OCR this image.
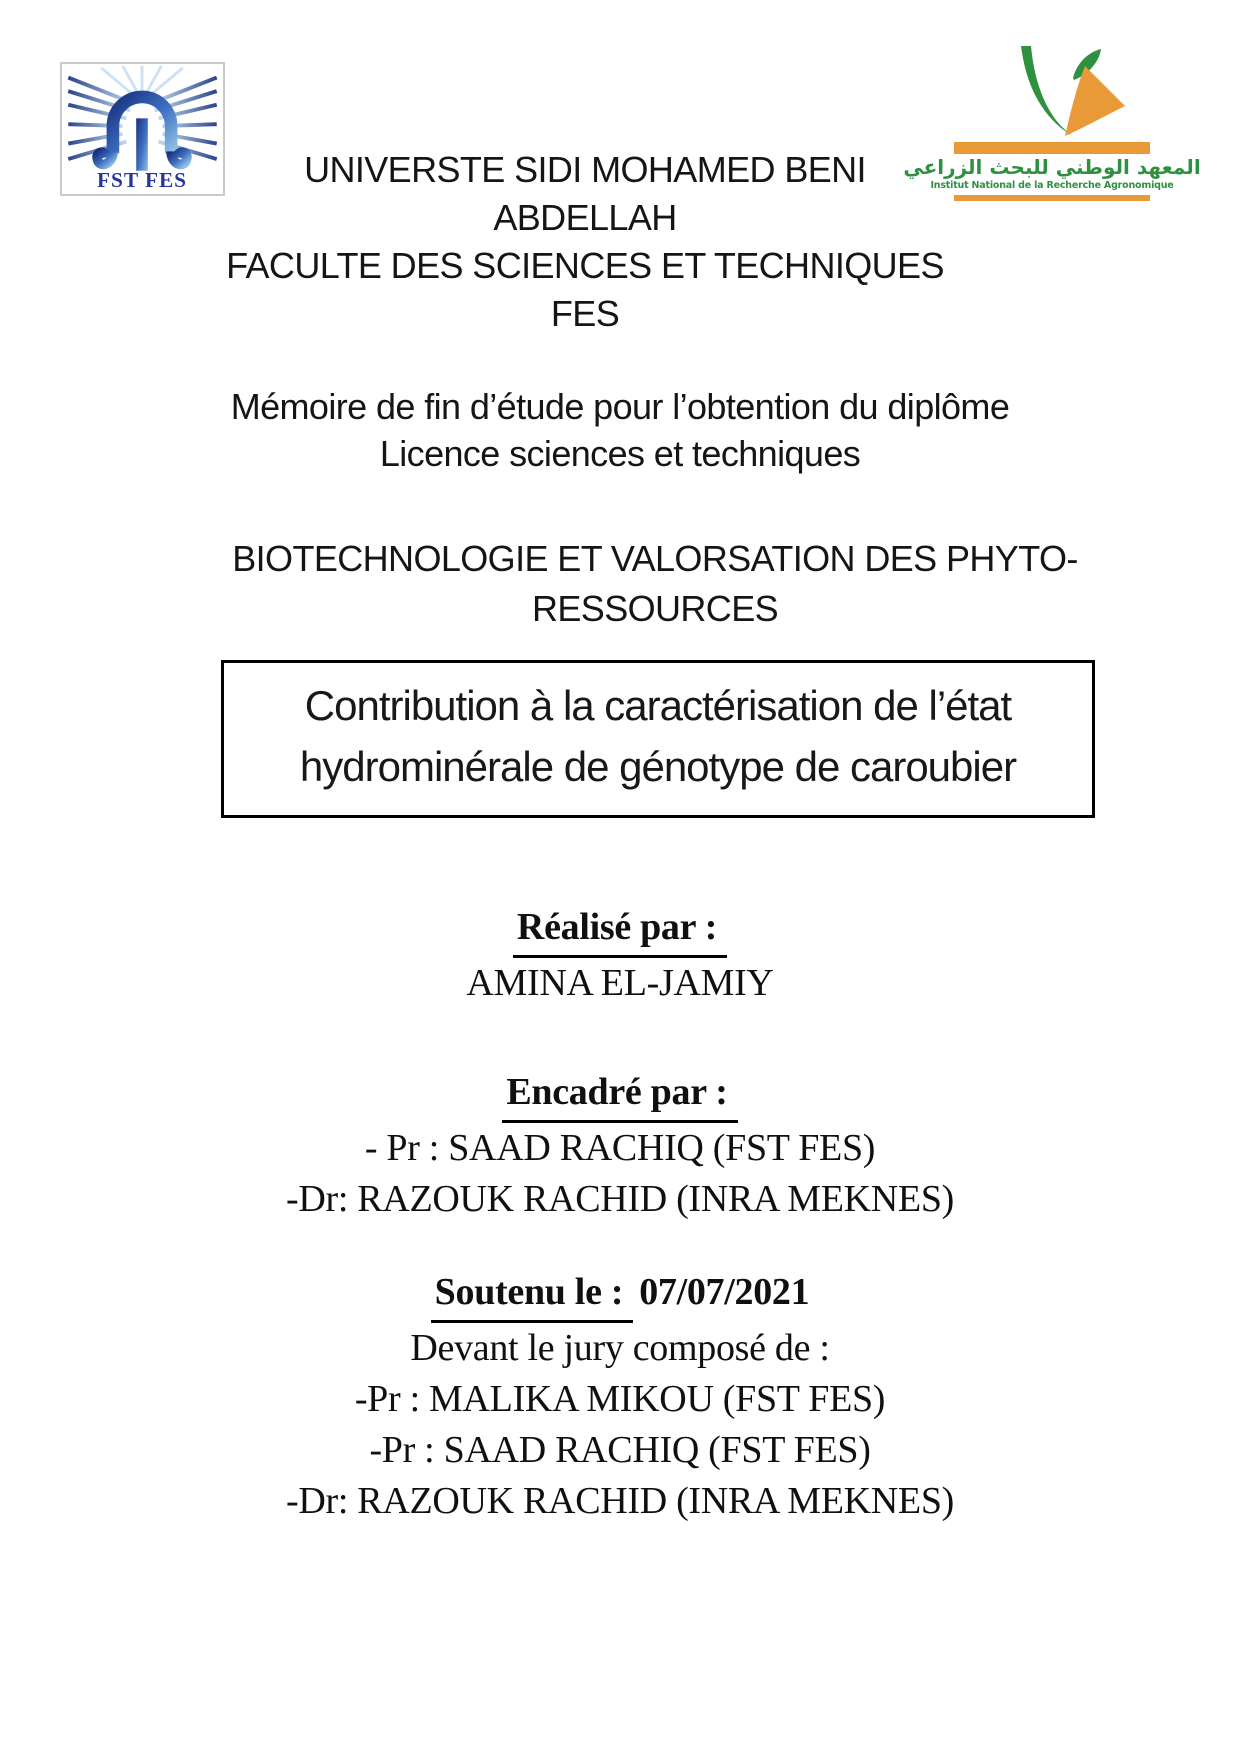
FST FES
المعهد الوطني للبحث الزراعي
Institut National de la Recherche Agronomique
UNIVERSTE SIDI MOHAMED BENI
ABDELLAH
FACULTE DES SCIENCES ET TECHNIQUES
FES
Mémoire de fin d’étude pour l’obtention du diplôme
Licence sciences et techniques
BIOTECHNOLOGIE ET VALORSATION DES PHYTO-
RESSOURCES
Contribution à la caractérisation de l’état
hydrominérale de génotype de caroubier
Réalisé par :
AMINA EL-JAMIY
Encadré par :
- Pr : SAAD RACHIQ (FST FES)
-Dr: RAZOUK RACHID (INRA MEKNES)
Soutenu le : 07/07/2021
Devant le jury composé de :
-Pr : MALIKA MIKOU (FST FES)
-Pr : SAAD RACHIQ (FST FES)
-Dr: RAZOUK RACHID (INRA MEKNES)
